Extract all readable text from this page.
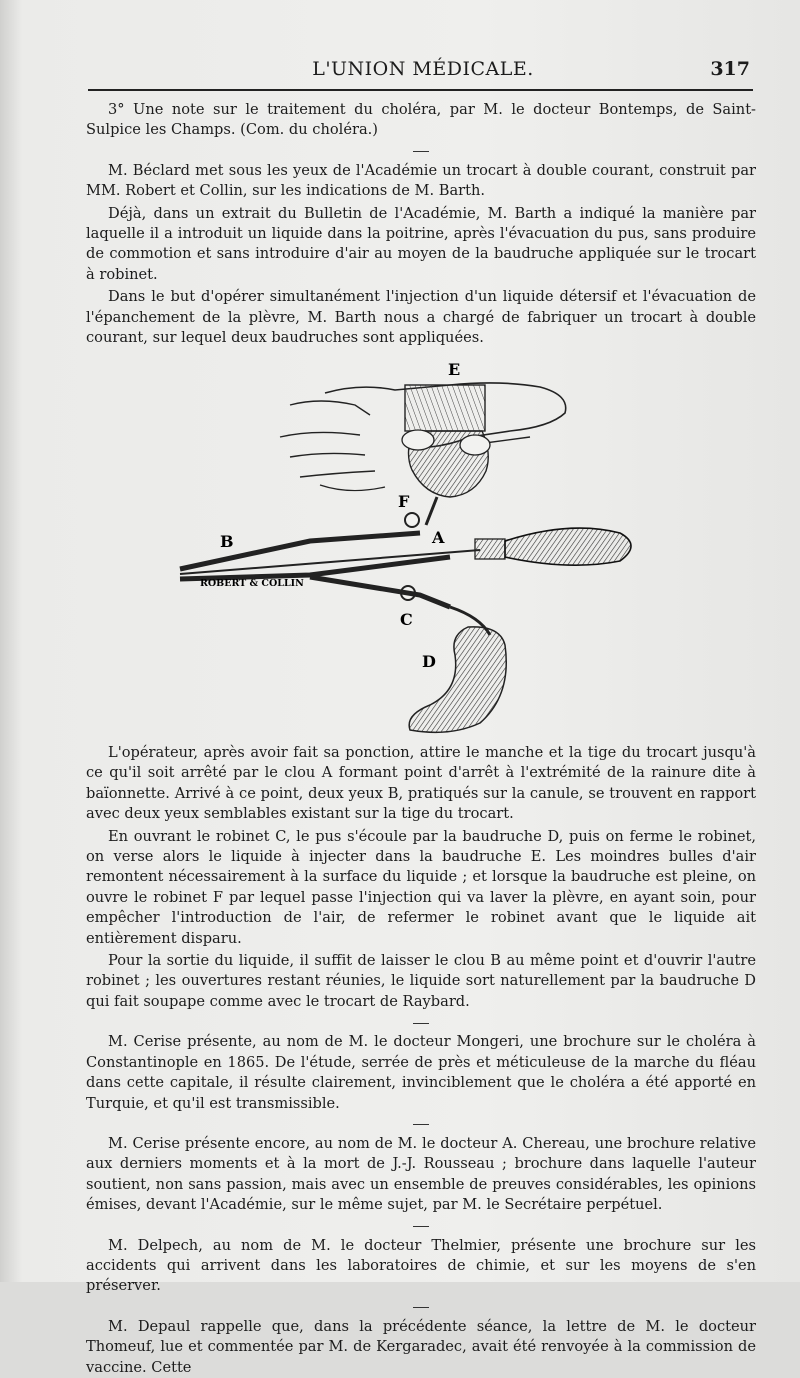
L'UNION MÉDICALE.	317

3° Une note sur le traitement du choléra, par M. le docteur Bontemps, de Saint-Sulpice les Champs. (Com. du choléra.)

M. Béclard met sous les yeux de l'Académie un trocart à double courant, construit par MM. Robert et Collin, sur les indications de M. Barth.

Déjà, dans un extrait du Bulletin de l'Académie, M. Barth a indiqué la manière par laquelle il a introduit un liquide dans la poitrine, après l'évacuation du pus, sans produire de commotion et sans introduire d'air au moyen de la baudruche appliquée sur le trocart à robinet.

Dans le but d'opérer simultanément l'injection d'un liquide détersif et l'évacuation de l'épanchement de la plèvre, M. Barth nous a chargé de fabriquer un trocart à double courant, sur lequel deux baudruches sont appliquées.

E
F
B	A
C
D
ROBERT & COLLIN

L'opérateur, après avoir fait sa ponction, attire le manche et la tige du trocart jusqu'à ce qu'il soit arrêté par le clou A formant point d'arrêt à l'extrémité de la rainure dite à baïonnette. Arrivé à ce point, deux yeux B, pratiqués sur la canule, se trouvent en rapport avec deux yeux semblables existant sur la tige du trocart.

En ouvrant le robinet C, le pus s'écoule par la baudruche D, puis on ferme le robinet, on verse alors le liquide à injecter dans la baudruche E. Les moindres bulles d'air remontent nécessairement à la surface du liquide ; et lorsque la baudruche est pleine, on ouvre le robinet F par lequel passe l'injection qui va laver la plèvre, en ayant soin, pour empêcher l'introduction de l'air, de refermer le robinet avant que le liquide ait entièrement disparu.

Pour la sortie du liquide, il suffit de laisser le clou B au même point et d'ouvrir l'autre robinet ; les ouvertures restant réunies, le liquide sort naturellement par la baudruche D qui fait soupape comme avec le trocart de Raybard.

M. Cerise présente, au nom de M. le docteur Mongeri, une brochure sur le choléra à Constantinople en 1865. De l'étude, serrée de près et méticuleuse de la marche du fléau dans cette capitale, il résulte clairement, invinciblement que le choléra a été apporté en Turquie, et qu'il est transmissible.

M. Cerise présente encore, au nom de M. le docteur A. Chereau, une brochure relative aux derniers moments et à la mort de J.-J. Rousseau ; brochure dans laquelle l'auteur soutient, non sans passion, mais avec un ensemble de preuves considérables, les opinions émises, devant l'Académie, sur le même sujet, par M. le Secrétaire perpétuel.

M. Delpech, au nom de M. le docteur Thelmier, présente une brochure sur les accidents qui arrivent dans les laboratoires de chimie, et sur les moyens de s'en préserver.

M. Depaul rappelle que, dans la précédente séance, la lettre de M. le docteur Thomeuf, lue et commentée par M. de Kergaradec, avait été renvoyée à la commission de vaccine. Cette
